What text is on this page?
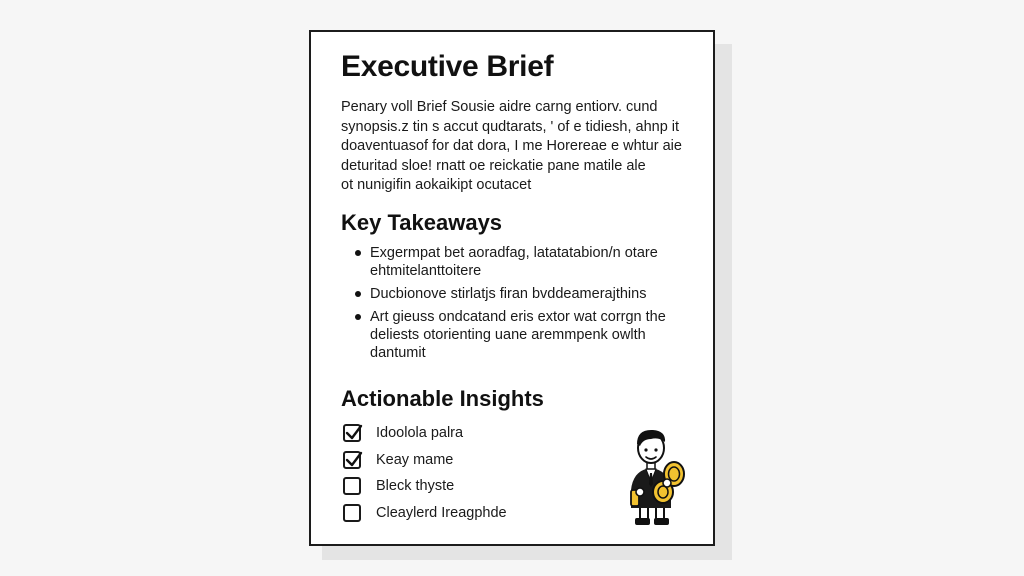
Executive Brief

Penary voll Brief Sousie aidre carng entiorv. cund
synopsis.z tin s accut qudtarats, ' of e tidiesh, ahnp it
doaventuasof for dat dora, I me Horereae e whtur aie
deturitad sloe! rnatt oe reickatie pane matile ale
ot nunigifin aokaikipt ocutacet

Key Takeaways
Exgermpat bet aoradfag, latatatabion/n otare
ehtmitelanttoitere
Ducbionove stirlatjs firan bvddeamerajthins
Art gieuss ondcatand eris extor wat corrgn the
deliests otorienting uane aremmpenk owlth
dantumit
Actionable Insights
Idoolola palra
Keay mame
Bleck thyste
Cleaylerd Ireagphde
